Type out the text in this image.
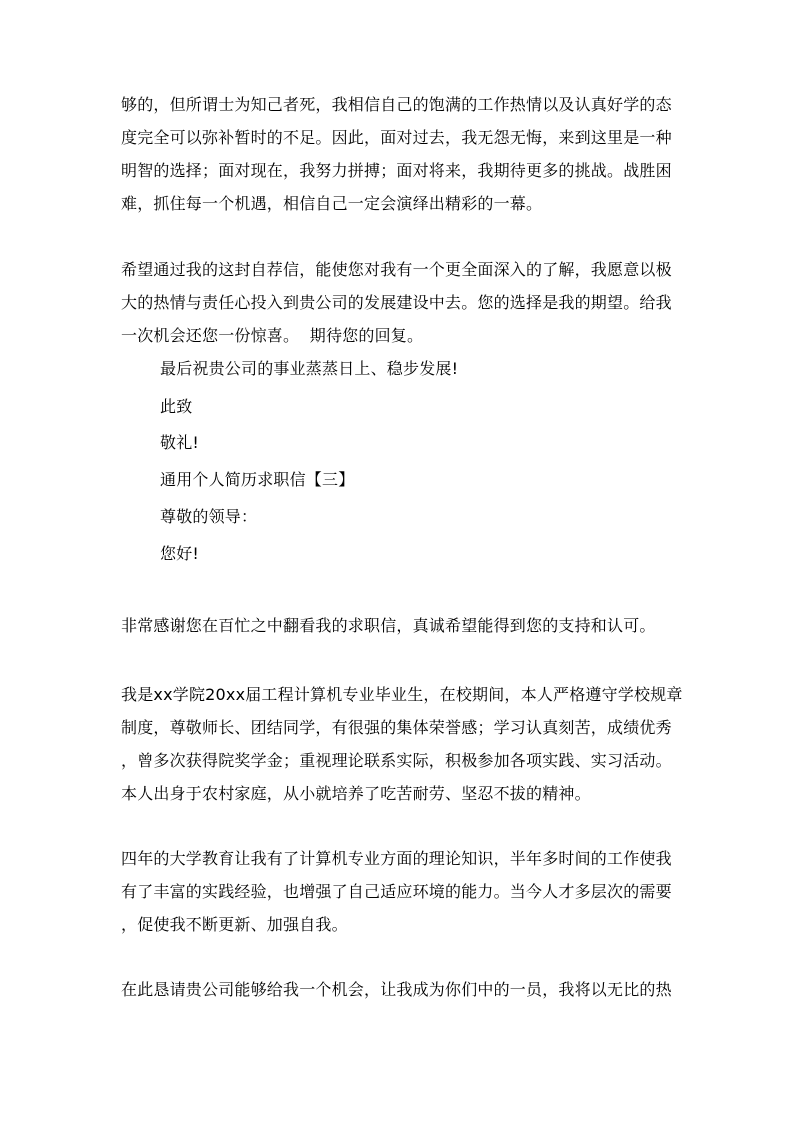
够的，但所谓士为知己者死，我相信自己的饱满的工作热情以及认真好学的态
度完全可以弥补暂时的不足。因此，面对过去，我无怨无悔，来到这里是一种
明智的选择；面对现在，我努力拼搏；面对将来，我期待更多的挑战。战胜困
难，抓住每一个机遇，相信自己一定会演绎出精彩的一幕。
希望通过我的这封自荐信，能使您对我有一个更全面深入的了解，我愿意以极
大的热情与责任心投入到贵公司的发展建设中去。您的选择是我的期望。给我
一次机会还您一份惊喜。  期待您的回复。
最后祝贵公司的事业蒸蒸日上、稳步发展!
此致
敬礼!
通用个人简历求职信【三】
尊敬的领导：
您好!
非常感谢您在百忙之中翻看我的求职信，真诚希望能得到您的支持和认可。
我是xx学院20xx届工程计算机专业毕业生，在校期间，本人严格遵守学校规章
制度，尊敬师长、团结同学，有很强的集体荣誉感；学习认真刻苦，成绩优秀
，曾多次获得院奖学金；重视理论联系实际，积极参加各项实践、实习活动。
本人出身于农村家庭，从小就培养了吃苦耐劳、坚忍不拔的精神。
四年的大学教育让我有了计算机专业方面的理论知识，半年多时间的工作使我
有了丰富的实践经验，也增强了自己适应环境的能力。当今人才多层次的需要
，促使我不断更新、加强自我。
在此恳请贵公司能够给我一个机会，让我成为你们中的一员，我将以无比的热
